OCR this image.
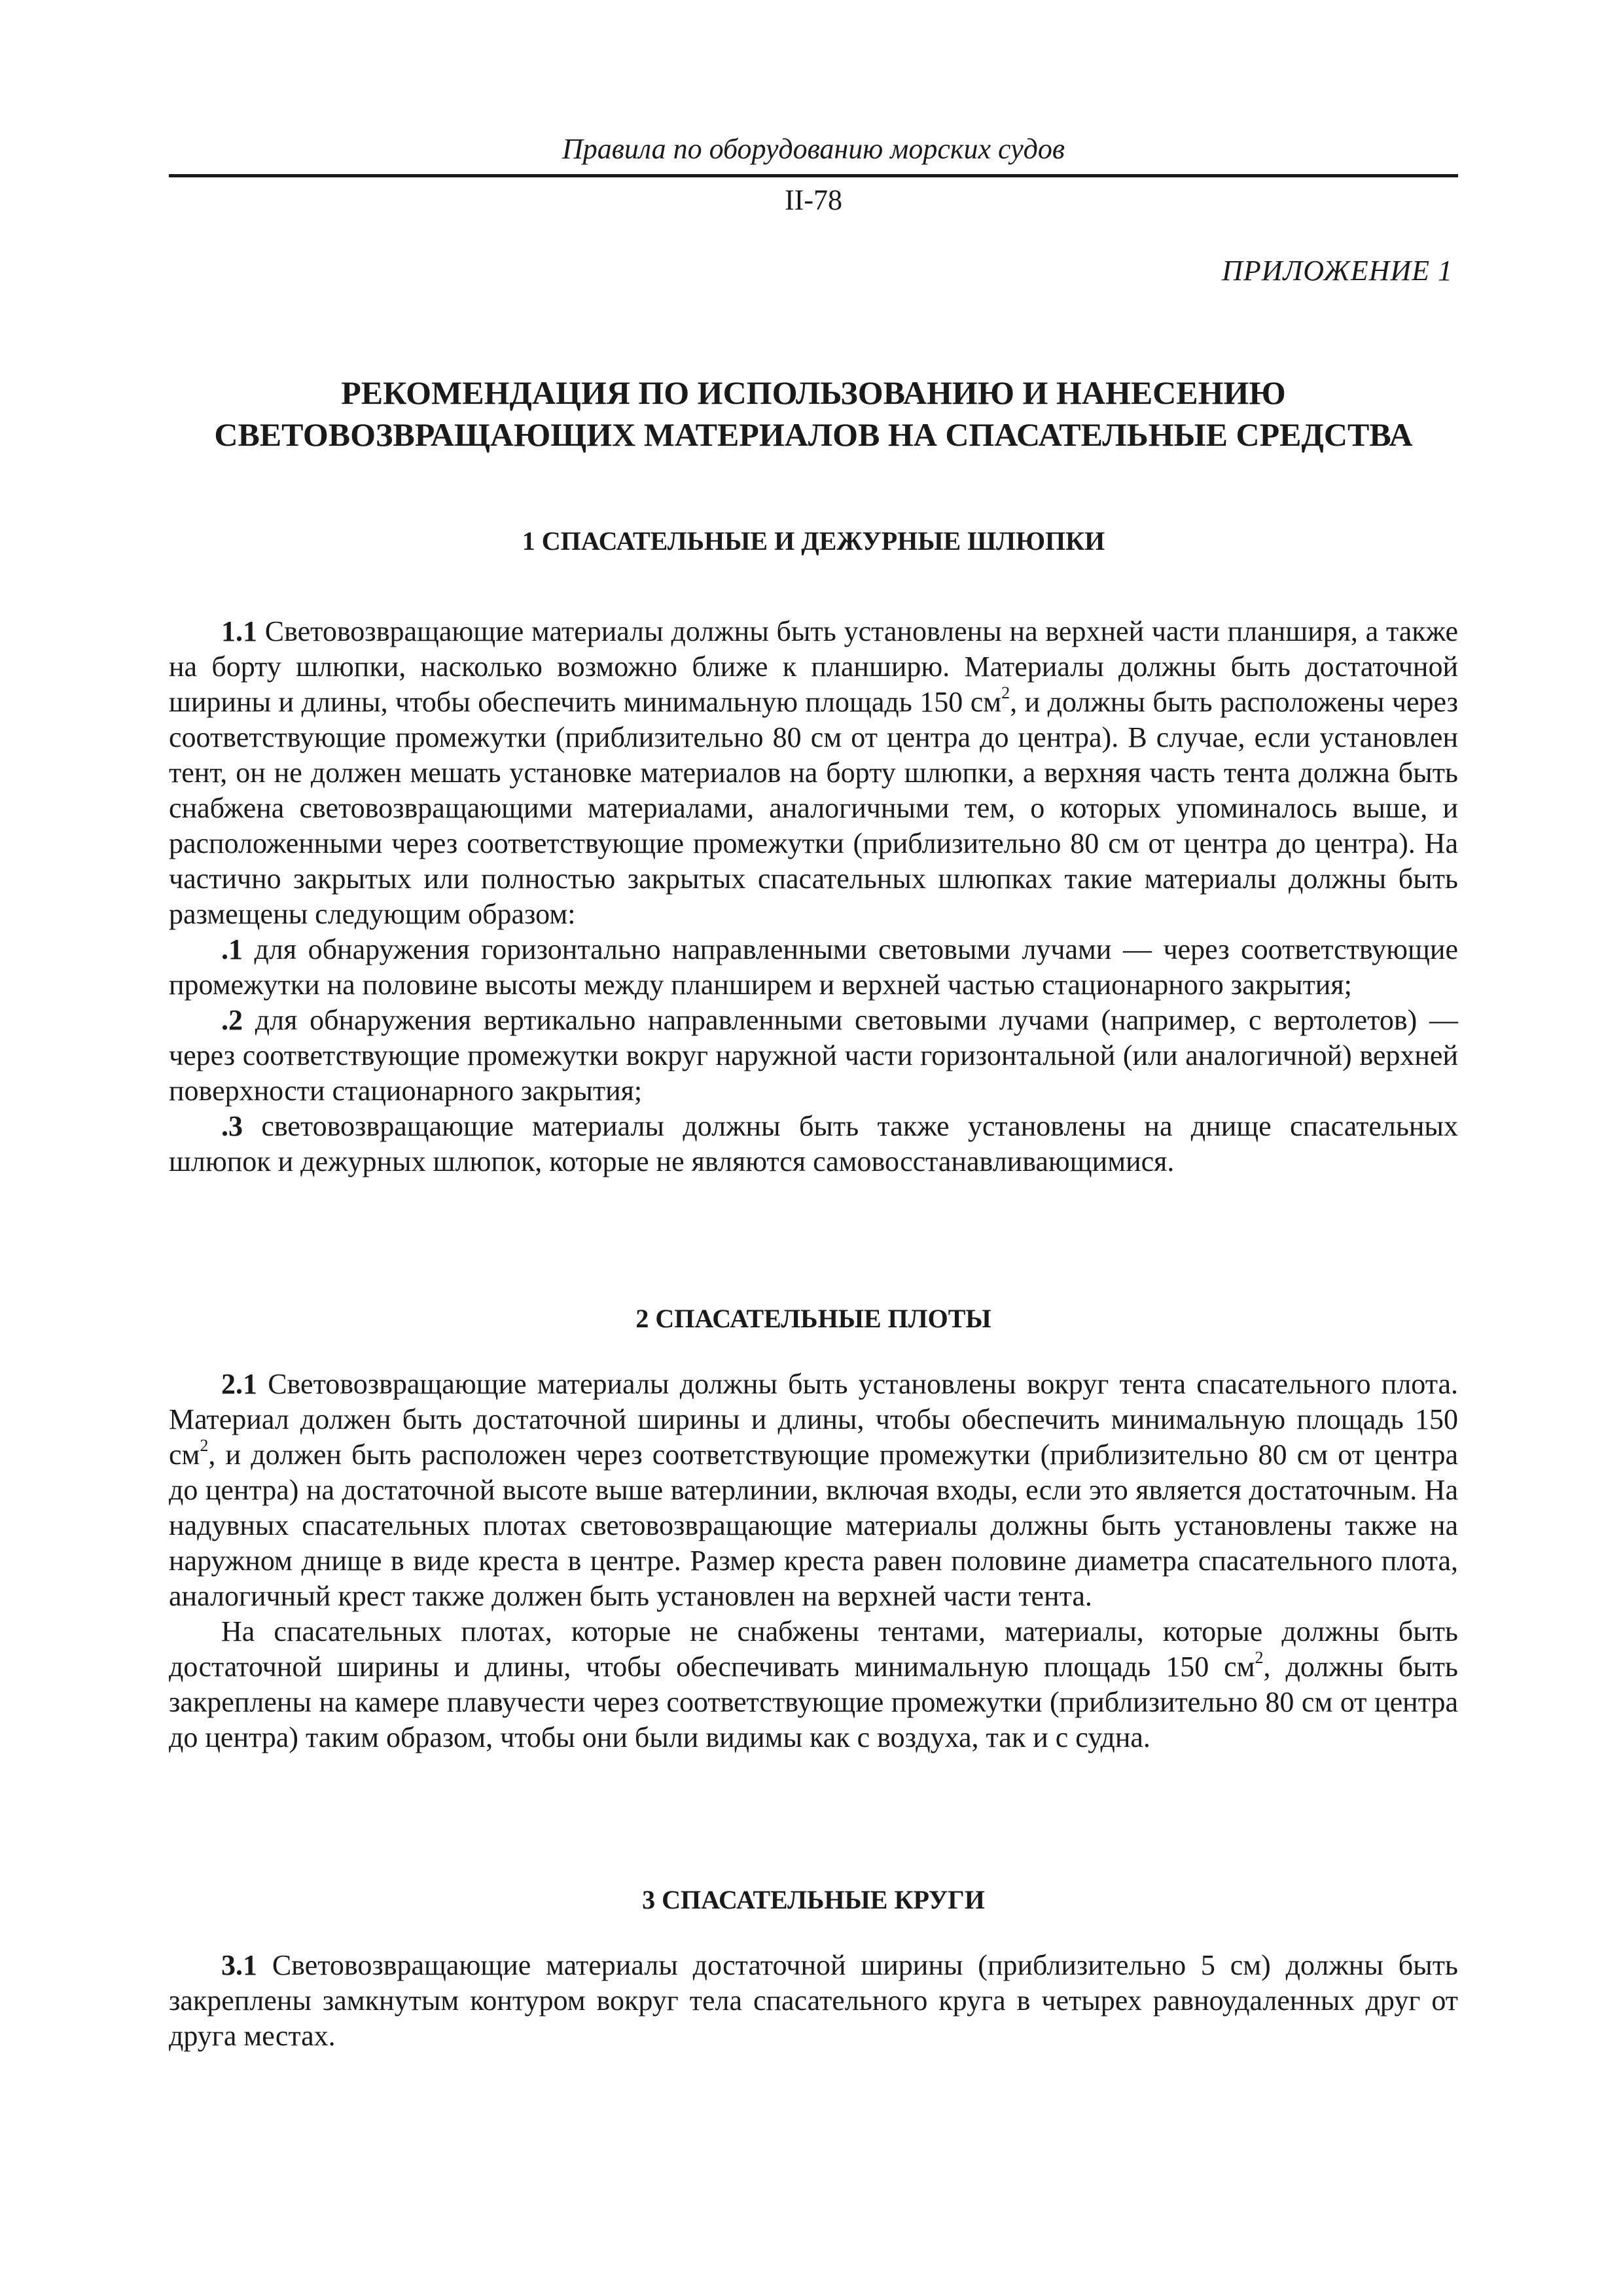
Правила по оборудованию морских судов
II-78
ПРИЛОЖЕНИЕ 1
РЕКОМЕНДАЦИЯ ПО ИСПОЛЬЗОВАНИЮ И НАНЕСЕНИЮ
СВЕТОВОЗВРАЩАЮЩИХ МАТЕРИАЛОВ НА СПАСАТЕЛЬНЫЕ СРЕДСТВА
1 СПАСАТЕЛЬНЫЕ И ДЕЖУРНЫЕ ШЛЮПКИ

1.1 Световозвращающие материалы должны быть установлены на верхней части планширя, а также на борту шлюпки, насколько возможно ближе к планширю. Материалы должны быть достаточной ширины и длины, чтобы обеспечить минимальную площадь 150 $см^2$, и должны быть расположены через соответствующие промежутки (приблизительно 80 см от центра до центра). В случае, если установлен тент, он не должен мешать установке материалов на борту шлюпки, а верхняя часть тента должна быть снабжена световозвращающими материалами, аналогичными тем, о которых упоминалось выше, и расположенными через соответствующие промежутки (приблизительно 80 см от центра до центра). На частично закрытых или полностью закрытых спасательных шлюпках такие материалы должны быть размещены следующим образом:

.1 для обнаружения горизонтально направленными световыми лучами — через соответствующие промежутки на половине высоты между планширем и верхней частью стационарного закрытия;

.2 для обнаружения вертикально направленными световыми лучами (например, с вертолетов) — через соответствующие промежутки вокруг наружной части горизонтальной (или аналогичной) верхней поверхности стационарного закрытия;

.3 световозвращающие материалы должны быть также установлены на днище спасательных шлюпок и дежурных шлюпок, которые не являются самовосстанавливающимися.

2 СПАСАТЕЛЬНЫЕ ПЛОТЫ

2.1 Световозвращающие материалы должны быть установлены вокруг тента спасательного плота. Материал должен быть достаточной ширины и длины, чтобы обеспечить минимальную площадь 150 $см^2$, и должен быть расположен через соответствующие промежутки (приблизительно 80 см от центра до центра) на достаточной высоте выше ватерлинии, включая входы, если это является достаточным. На надувных спасательных плотах световозвращающие материалы должны быть установлены также на наружном днище в виде креста в центре. Размер креста равен половине диаметра спасательного плота, аналогичный крест также должен быть установлен на верхней части тента.

На спасательных плотах, которые не снабжены тентами, материалы, которые должны быть достаточной ширины и длины, чтобы обеспечивать минимальную площадь 150 $см^2$, должны быть закреплены на камере плавучести через соответствующие промежутки (приблизительно 80 см от центра до центра) таким образом, чтобы они были видимы как с воздуха, так и с судна.

3 СПАСАТЕЛЬНЫЕ КРУГИ

3.1 Световозвращающие материалы достаточной ширины (приблизительно 5 см) должны быть закреплены замкнутым контуром вокруг тела спасательного круга в четырех равноудаленных друг от друга местах.
